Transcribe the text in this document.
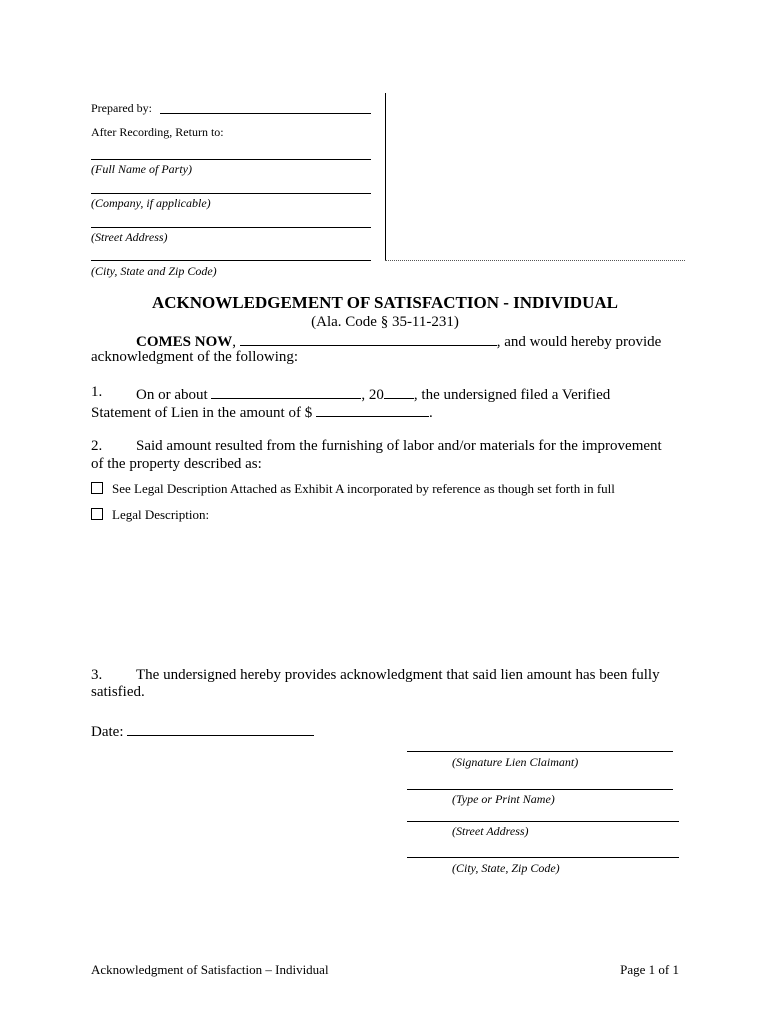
Prepared by:
After Recording, Return to:
(Full Name of Party)
(Company, if applicable)
(Street Address)
(City, State and Zip Code)
ACKNOWLEDGEMENT OF SATISFACTION - INDIVIDUAL
(Ala. Code § 35-11-231)
COMES NOW,	, and would hereby provide
acknowledgment of the following:
1. On or about	, 20 , the undersigned filed a Verified
Statement of Lien in the amount of $	.
2. Said amount resulted from the furnishing of labor and/or materials for the improvement
of the property described as:
See Legal Description Attached as Exhibit A incorporated by reference as though set forth in full
Legal Description:
3. The undersigned hereby provides acknowledgment that said lien amount has been fully
satisfied.
Date:
(Signature Lien Claimant)
(Type or Print Name)
(Street Address)
(City, State, Zip Code)
Acknowledgment of Satisfaction – Individual	Page 1 of 1
